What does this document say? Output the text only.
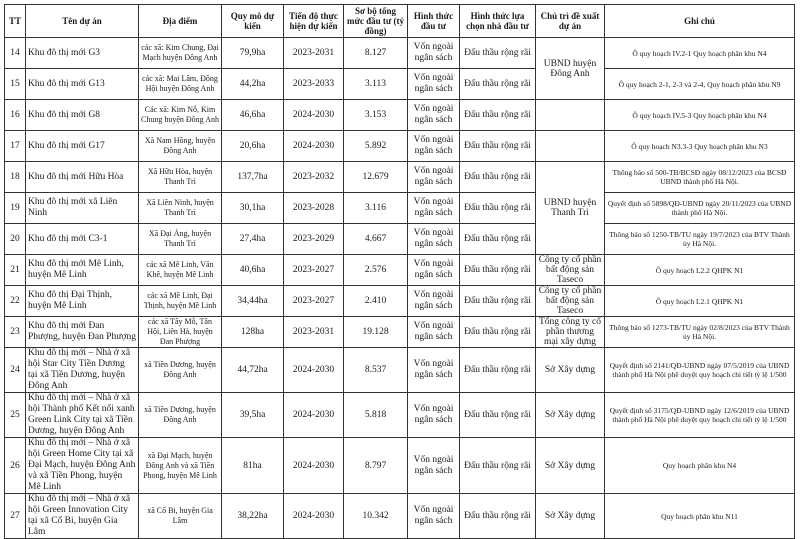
TT	Tên dự án	Địa điểm	Quy mô dự kiến	Tiến độ thực hiện dự kiến	Sơ bộ tổng mức đầu tư (tỷ đồng)	Hình thức đầu tư	Hình thức lựa chọn nhà đầu tư	Chủ trì đề xuất dự án	Ghi chú
14	Khu đô thị mới G3	các xã: Kim Chung, Đại Mạch huyện Đông Anh	79,9ha	2023-2031	8.127	Vốn ngoài ngân sách	Đấu thầu rộng rãi	UBND huyện Đông Anh	Ô quy hoạch IV.2-1 Quy hoạch phân khu N4
15	Khu đô thị mới G13	các xã: Mai Lâm, Đông Hội huyện Đông Anh	44,2ha	2023-2033	3.113	Vốn ngoài ngân sách	Đấu thầu rộng rãi		Ô quy hoạch 2-1, 2-3 và 2-4, Quy hoạch phân khu N9
16	Khu đô thị mới G8	Các xã: Kim Nỗ, Kim Chung huyện Đông Anh	46,6ha	2024-2030	3.153	Vốn ngoài ngân sách	Đấu thầu rộng rãi		Ô quy hoạch IV.5-3 Quy hoạch phân khu N4
17	Khu đô thị mới G17	Xã Nam Hồng, huyện Đông Anh	20,6ha	2024-2030	5.892	Vốn ngoài ngân sách	Đấu thầu rộng rãi		Ô quy hoạch N3.3-3 Quy hoạch phân khu N3
18	Khu đô thị mới Hữu Hòa	Xã Hữu Hòa, huyện Thanh Trì	137,7ha	2023-2032	12.679	Vốn ngoài ngân sách	Đấu thầu rộng rãi	UBND huyện Thanh Trì	Thông báo số 500-TB/BCSĐ ngày 08/12/2023 của BCSĐ UBND thành phố Hà Nội.
19	Khu đô thị mới xã Liên Ninh	Xã Liên Ninh, huyện Thanh Trì	30,1ha	2023-2028	3.116	Vốn ngoài ngân sách	Đấu thầu rộng rãi		Quyết định số 5898/QĐ-UBND ngày 20/11/2023 của UBND thành phố Hà Nội.
20	Khu đô thị mới C3-1	Xã Đại Áng, huyện Thanh Trì	27,4ha	2023-2029	4.667	Vốn ngoài ngân sách	Đấu thầu rộng rãi		Thông báo số 1250-TB/TU ngày 19/7/2023 của BTV Thành ủy Hà Nội.
21	Khu đô thị mới Mê Linh, huyện Mê Linh	các xã Mê Linh, Văn Khê, huyện Mê Linh	40,6ha	2023-2027	2.576	Vốn ngoài ngân sách	Đấu thầu rộng rãi	Công ty cổ phần bất động sản Taseco	Ô quy hoạch L2.2 QHPK N1
22	Khu đô thị Đại Thịnh, huyện Mê Linh	các xã Mê Linh, Đại Thịnh, huyện Mê Linh	34,44ha	2023-2027	2.410	Vốn ngoài ngân sách	Đấu thầu rộng rãi	Công ty cổ phần bất động sản Taseco	Ô quy hoạch L2.1 QHPK N1
23	Khu đô thị mới Đan Phượng, huyện Đan Phượng	các xã Tây Mỗ, Tân Hội, Liên Hà, huyện Đan Phượng	128ha	2023-2031	19.128	Vốn ngoài ngân sách	Đấu thầu rộng rãi	Tổng công ty cổ phần thương mại xây dựng	Thông báo số 1273-TB/TU ngày 02/8/2023 của BTV Thành ủy Hà Nội.
24	Khu đô thị mới – Nhà ở xã hội Star City Tiền Dương tại xã Tiền Dương, huyện Đông Anh	xã Tiền Dương, huyện Đông Anh	44,72ha	2024-2030	8.537	Vốn ngoài ngân sách	Đấu thầu rộng rãi	Sở Xây dựng	Quyết định số 2141/QĐ-UBND ngày 07/5/2019 của UBND thành phố Hà Nội phê duyệt quy hoạch chi tiết tỷ lệ 1/500
25	Khu đô thị mới – Nhà ở xã hội Thành phố Kết nối xanh Green Link City tại xã Tiền Dương, huyện Đông Anh	xã Tiền Dương, huyện Đông Anh	39,5ha	2024-2030	5.818	Vốn ngoài ngân sách	Đấu thầu rộng rãi	Sở Xây dựng	Quyết định số 3175/QĐ-UBND ngày 12/6/2019 của UBND thành phố Hà Nội phê duyệt quy hoạch chi tiết tỷ lệ 1/500
26	Khu đô thị mới – Nhà ở xã hội Green Home City tại xã Đại Mạch, huyện Đông Anh và xã Tiền Phong, huyện Mê Linh	xã Đại Mạch, huyện Đông Anh và xã Tiền Phong, huyện Mê Linh	81ha	2024-2030	8.797	Vốn ngoài ngân sách	Đấu thầu rộng rãi	Sở Xây dựng	Quy hoạch phân khu N4
27	Khu đô thị mới – Nhà ở xã hội Green Innovation City tại xã Cổ Bi, huyện Gia Lâm	xã Cổ Bi, huyện Gia Lâm	38,22ha	2024-2030	10.342	Vốn ngoài ngân sách	Đấu thầu rộng rãi	Sở Xây dựng	Quy hoạch phân khu N11
